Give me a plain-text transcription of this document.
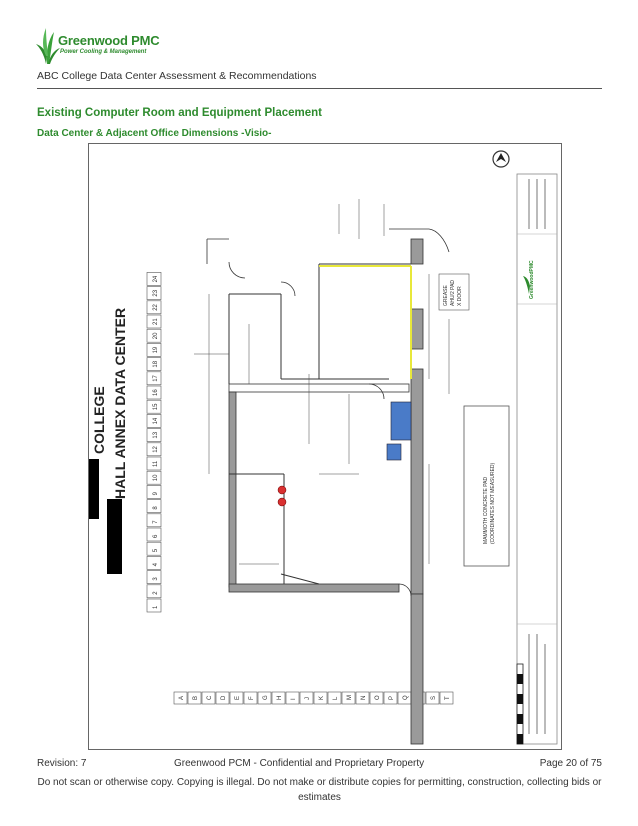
Greenwood PMC
Power Cooling & Management
ABC College Data Center Assessment & Recommendations
Existing Computer Room and Equipment Placement
Data Center & Adjacent Office Dimensions -Visio-
GreenwoodPMC
1
2
3
4
5
6
7
8
9
10
11
12
13
14
15
16
17
18
19
20
21
22
23
24
A B C D E F G H I J K L M N O P Q	S T
COLLEGE HALL ANNEX DATA CENTER
MAMMOTH CONCRETE PAD (COORDINATES NOT MEASURED)
GREASE AHU/2 PAD X DOOR
Revision: 7	Greenwood PCM - Confidential and Proprietary Property	Page 20 of 75
Do not scan or otherwise copy. Copying is illegal. Do not make or distribute copies for permitting, construction, collecting bids or estimates
